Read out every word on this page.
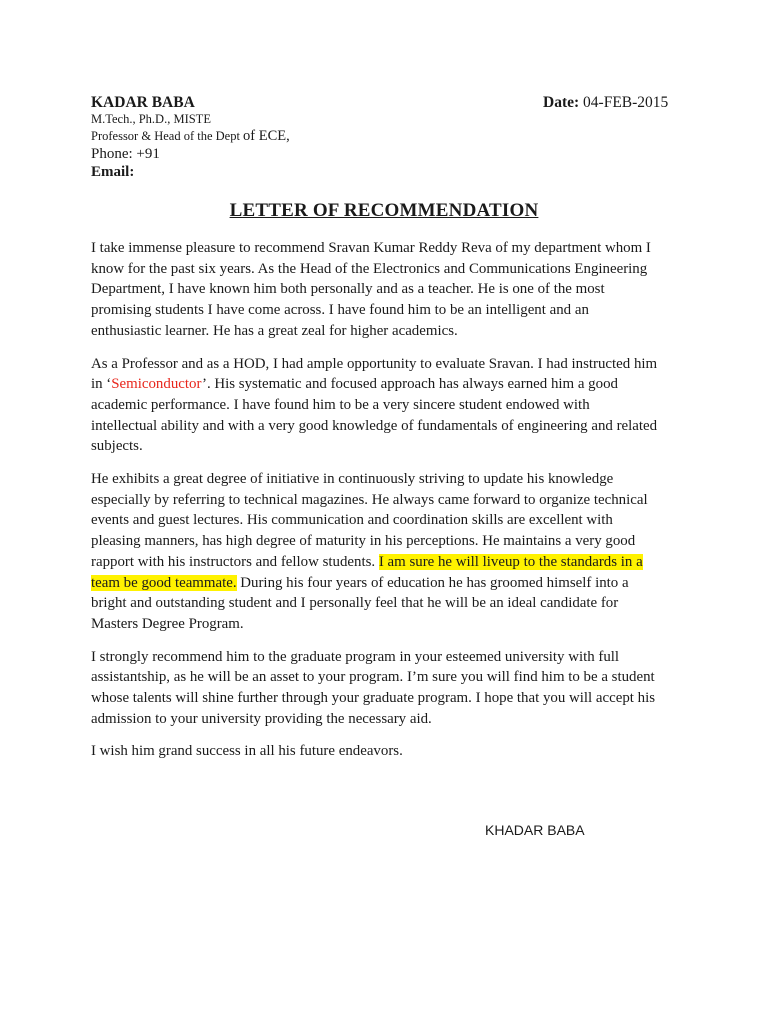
KADAR BABA	Date: 04-FEB-2015
M.Tech., Ph.D., MISTE
Professor & Head of the Dept of ECE,
Phone: +91
Email:
LETTER OF RECOMMENDATION

I take immense pleasure to recommend Sravan Kumar Reddy Reva of my department whom I know for the past six years. As the Head of the Electronics and Communications Engineering Department, I have known him both personally and as a teacher. He is one of the most promising students I have come across. I have found him to be an intelligent and an enthusiastic learner. He has a great zeal for higher academics.

As a Professor and as a HOD, I had ample opportunity to evaluate Sravan. I had instructed him in ‘Semiconductor’. His systematic and focused approach has always earned him a good academic performance. I have found him to be a very sincere student endowed with intellectual ability and with a very good knowledge of fundamentals of engineering and related subjects.

He exhibits a great degree of initiative in continuously striving to update his knowledge especially by referring to technical magazines. He always came forward to organize technical events and guest lectures. His communication and coordination skills are excellent with pleasing manners, has high degree of maturity in his perceptions. He maintains a very good rapport with his instructors and fellow students. I am sure he will liveup to the standards in a team be good teammate. During his four years of education he has groomed himself into a bright and outstanding student and I personally feel that he will be an ideal candidate for Masters Degree Program.

I strongly recommend him to the graduate program in your esteemed university with full assistantship, as he will be an asset to your program. I’m sure you will find him to be a student whose talents will shine further through your graduate program. I hope that you will accept his admission to your university providing the necessary aid.

I wish him grand success in all his future endeavors.

KHADAR BABA
